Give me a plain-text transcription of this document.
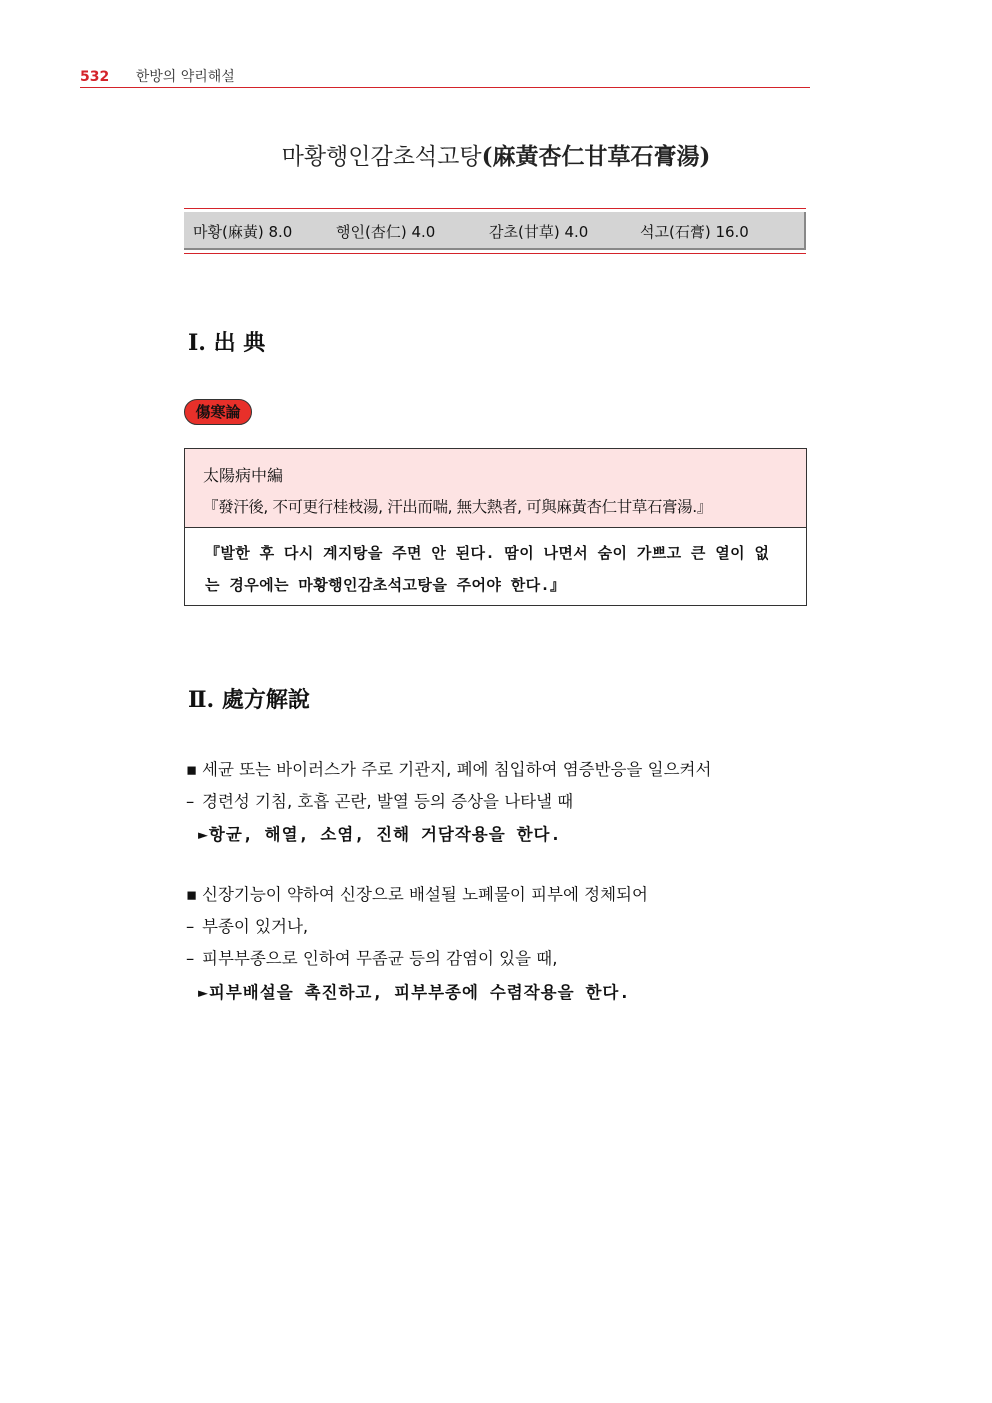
532 한방의 약리해설
마황행인감초석고탕(麻黃杏仁甘草石膏湯)
마황(麻黃) 8.0	행인(杏仁) 4.0	감초(甘草) 4.0	석고(石膏) 16.0
Ⅰ. 出 典
傷寒論
太陽病中編
『發汗後, 不可更行桂枝湯, 汗出而喘, 無大熱者, 可與麻黃杏仁甘草石膏湯.』
『발한 후 다시 계지탕을 주면 안 된다. 땀이 나면서 숨이 가쁘고 큰 열이 없
는 경우에는 마황행인감초석고탕을 주어야 한다.』
Ⅱ. 處方解說
▪ 세균 또는 바이러스가 주로 기관지, 폐에 침입하여 염증반응을 일으켜서
– 경련성 기침, 호흡 곤란, 발열 등의 증상을 나타낼 때
►항균, 해열, 소염, 진해 거담작용을 한다.
▪ 신장기능이 약하여 신장으로 배설될 노폐물이 피부에 정체되어
– 부종이 있거나,
– 피부부종으로 인하여 무좀균 등의 감염이 있을 때,
►피부배설을 촉진하고, 피부부종에 수렴작용을 한다.
